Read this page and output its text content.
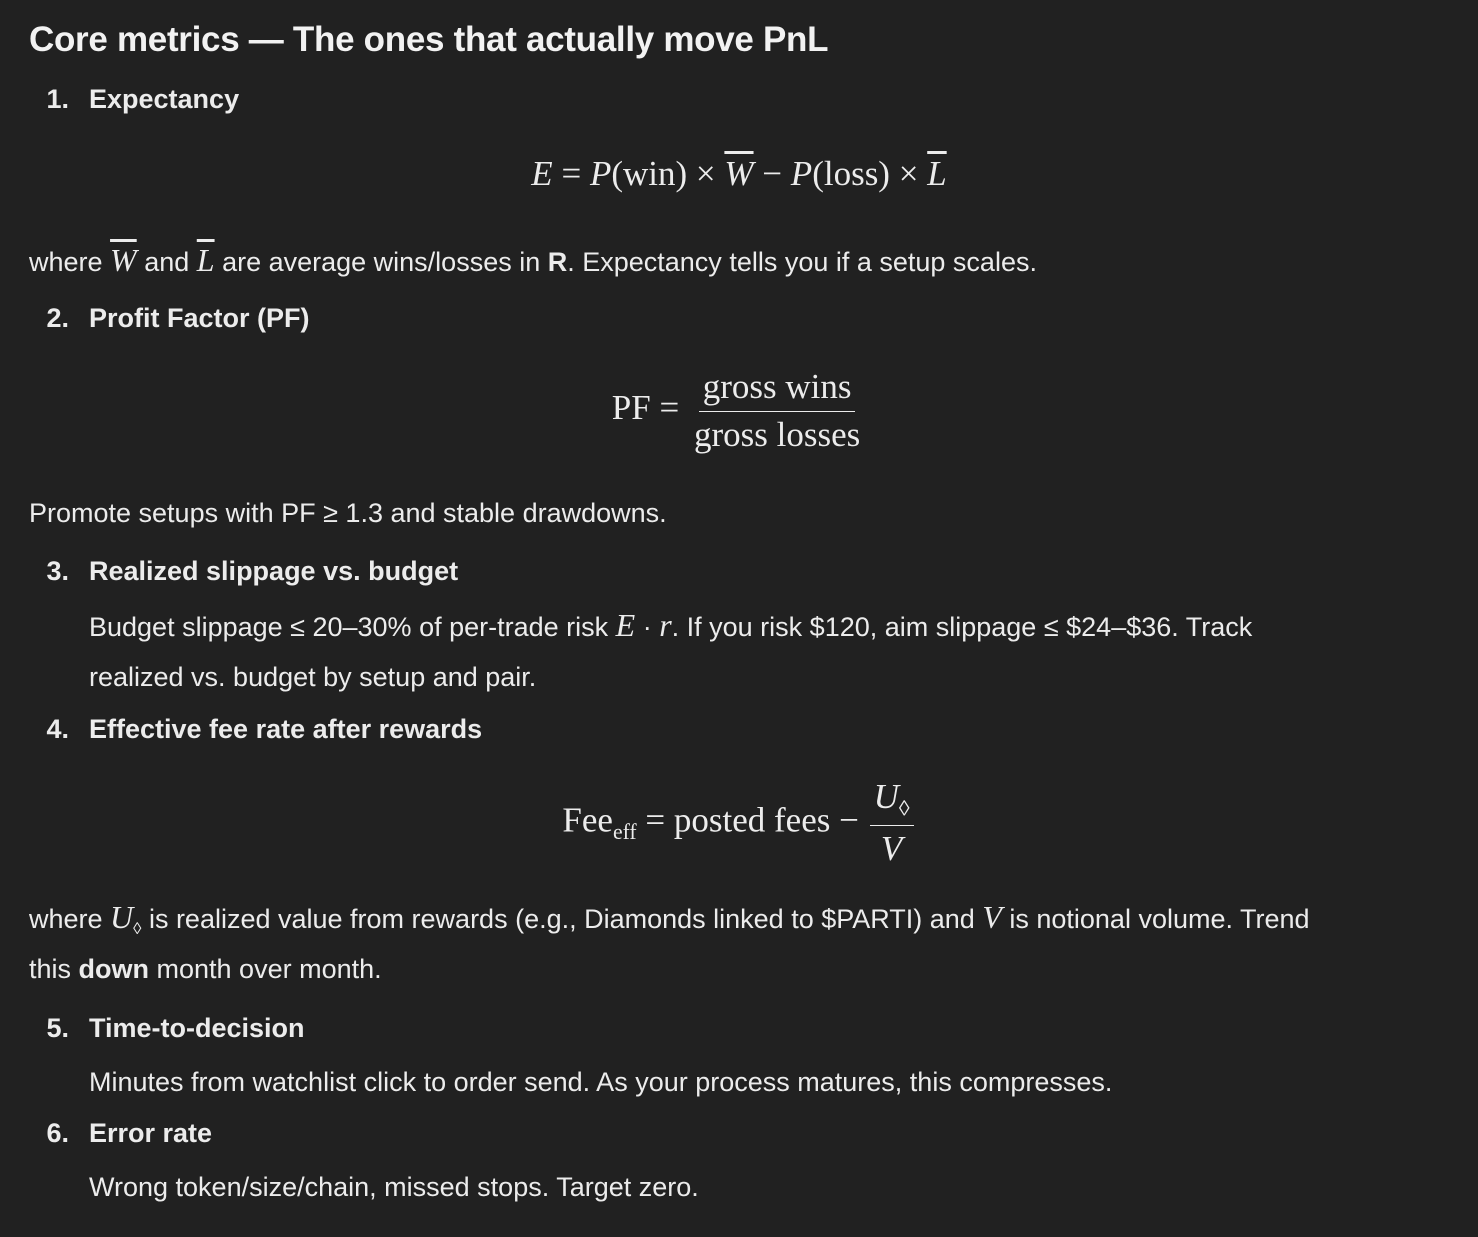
Core metrics — The ones that actually move PnL
1. Expectancy
$E = P(win) \times \overline{W}$ − P(loss) × $\overline{L}$
where $\overline{W}$ and $\overline{L}$ are average wins/losses in R. Expectancy tells you if a setup scales.
2. Profit Factor (PF)
PF = $\frac{\text{gross wins}}{\text{gross losses}}$
Promote setups with PF ≥ 1.3 and stable drawdowns.
3. Realized slippage vs. budget
Budget slippage ≤ 20–30% of per-trade risk E · r. If you risk $120, aim slippage ≤ $24–$36. Track
realized vs. budget by setup and pair.
4. Effective fee rate after rewards
Fee$_{eff}$ = posted fees − $\frac{U_◊}{V}$
where $U_◊$ is realized value from rewards (e.g., Diamonds linked to $PARTI) and V is notional volume. Trend
this down month over month.
5. Time-to-decision
Minutes from watchlist click to order send. As your process matures, this compresses.
6. Error rate
Wrong token/size/chain, missed stops. Target zero.
